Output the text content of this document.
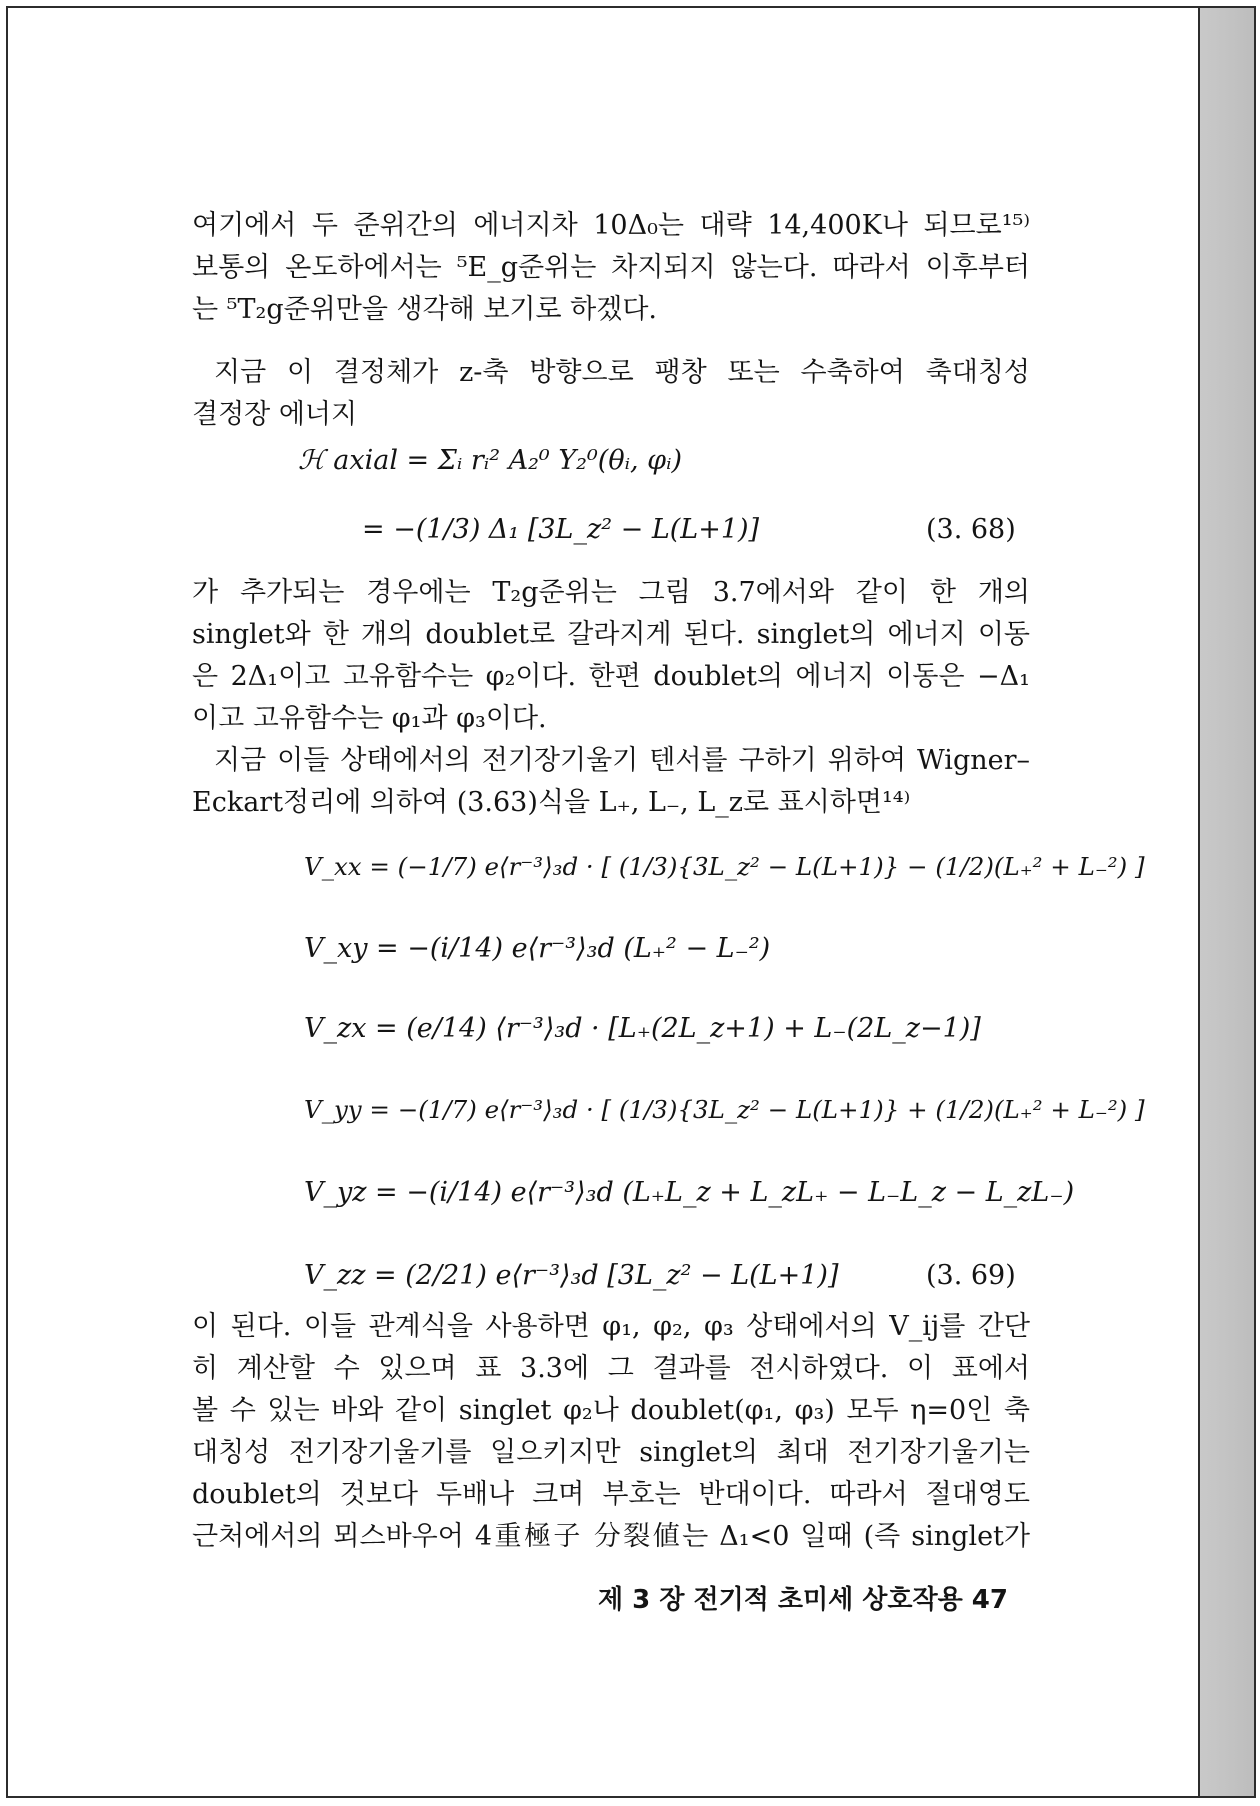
여기에서 두 준위간의 에너지차 10Δ₀는 대략 14,400K나 되므로¹⁵⁾
보통의 온도하에서는 ⁵E_g준위는 차지되지 않는다. 따라서 이후부터
는 ⁵T₂g준위만을 생각해 보기로 하겠다.
지금 이 결정체가 z-축 방향으로 팽창 또는 수축하여 축대칭성
결정장 에너지
ℋ axial = Σᵢ rᵢ² A₂⁰ Y₂⁰(θᵢ, φᵢ)
= −(1/3) Δ₁ [3L_z² − L(L+1)]	(3. 68)
가 추가되는 경우에는 T₂g준위는 그림 3.7에서와 같이 한 개의
singlet와 한 개의 doublet로 갈라지게 된다. singlet의 에너지 이동
은 2Δ₁이고 고유함수는 φ₂이다. 한편 doublet의 에너지 이동은 −Δ₁
이고 고유함수는 φ₁과 φ₃이다.
지금 이들 상태에서의 전기장기울기 텐서를 구하기 위하여 Wigner–
Eckart정리에 의하여 (3.63)식을 L₊, L₋, L_z로 표시하면¹⁴⁾
V_xx = (−1/7) e⟨r⁻³⟩₃d · [ (1/3){3L_z² − L(L+1)} − (1/2)(L₊² + L₋²) ]
V_xy = −(i/14) e⟨r⁻³⟩₃d (L₊² − L₋²)
V_zx = (e/14) ⟨r⁻³⟩₃d · [L₊(2L_z+1) + L₋(2L_z−1)]
V_yy = −(1/7) e⟨r⁻³⟩₃d · [ (1/3){3L_z² − L(L+1)} + (1/2)(L₊² + L₋²) ]
V_yz = −(i/14) e⟨r⁻³⟩₃d (L₊L_z + L_zL₊ − L₋L_z − L_zL₋)
V_zz = (2/21) e⟨r⁻³⟩₃d [3L_z² − L(L+1)]	(3. 69)
이 된다. 이들 관계식을 사용하면 φ₁, φ₂, φ₃ 상태에서의 V_ij를 간단
히 계산할 수 있으며 표 3.3에 그 결과를 전시하였다. 이 표에서
볼 수 있는 바와 같이 singlet φ₂나 doublet(φ₁, φ₃) 모두 η=0인 축
대칭성 전기장기울기를 일으키지만 singlet의 최대 전기장기울기는
doublet의 것보다 두배나 크며 부호는 반대이다. 따라서 절대영도
근처에서의 뫼스바우어 4重極子 分裂値는 Δ₁<0 일때 (즉 singlet가
제 3 장 전기적 초미세 상호작용 47
